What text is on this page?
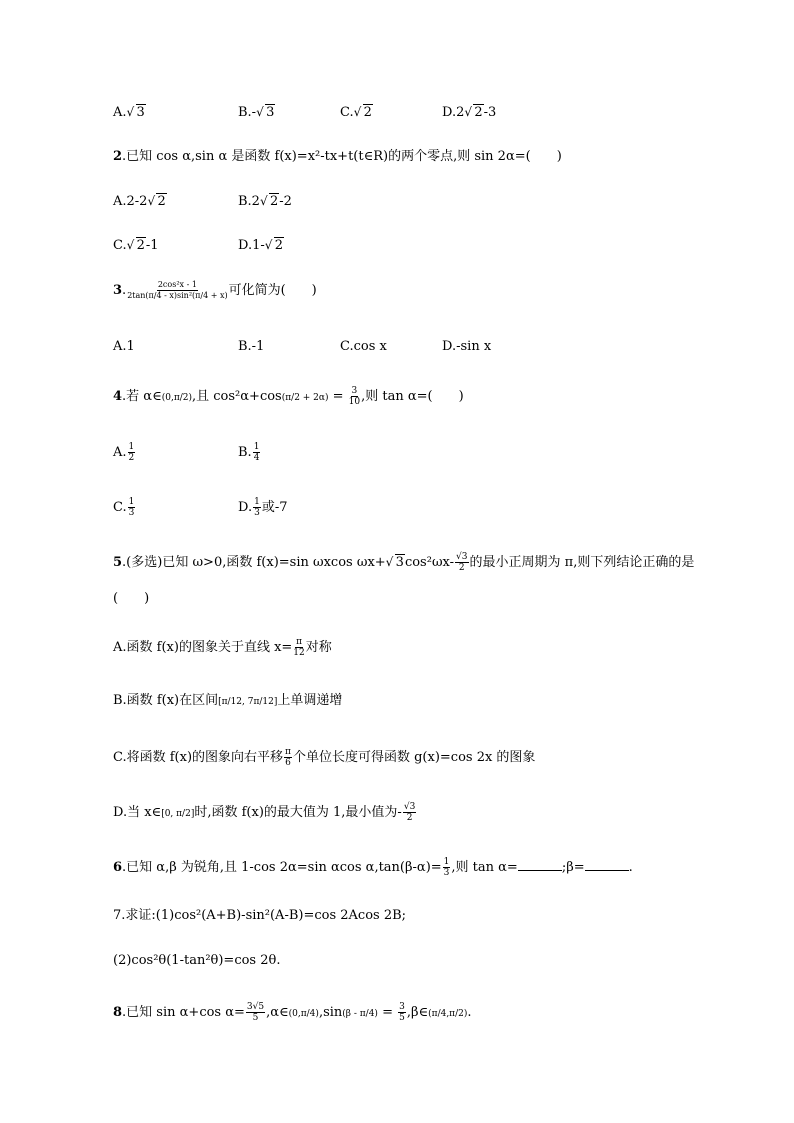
A. √ 3	B.- √ 3	C. √ 2	D.2 √ 2-3
2.已知 cos α,sin α 是函数 f(x)=x²-tx+t(t∈R)的两个零点,则 sin 2α=(　　)
A.2-2 √ 2	B.2 √ 2-2
C. √ 2-1	D.1- √ 2
3. $\frac{\text{2cos²x - 1}}{\text{2tan(π/4 - x)sin²(π/4 + x)}}$ 可化简为(　　)
A.1	B.-1	C.cos x	D.-sin x
4.若 α∈(0,π/2),且 $\cos^2\alpha+\cos(\pi/2 + 2\alpha) = \frac{3}{10}$ ,则 tan α=(　　)
A. $\frac{1}{2}$	B. $\frac{1}{4}$
C. $\frac{1}{3}$	D. $\frac{1}{3}$ 或-7
5.(多选)已知 ω>0,函数 f(x)=sin ωxcos ωx+ √ $3\cos^2\omega x- \frac{√3}{2}$ 的最小正周期为 π,则下列结论正确的是
(　　)
A.函数 f(x)的图象关于直线 $x= \frac{\pi}{12}$ 对称
B.函数 f(x)在区间[π/12, 7π/12]上单调递增
C.将函数 f(x)的图象向右平移 $\frac{\pi}{6}$ 个单位长度可得函数 g(x)=cos 2x 的图象
D.当 x∈[0, π/2]时,函数 f(x)的最大值为 1,最小值为- $\frac{√3}{2}$
6.已知 α,β 为锐角,且 1-cos 2α=sin αcos $\alpha,\tan(\beta-\alpha)= \frac{1}{3}$ ,则 tan α=	;β=	.
7.求证:(1)cos²(A+B)-sin²(A-B)=cos 2Acos 2B;
(2)cos²θ(1-tan²θ)=cos 2θ.
8.已知 sin α+cos $\alpha= \frac{3√5}{5}$ ,α∈(0,π/4),sin(β - $\pi/4) = \frac{3}{5}$ ,β∈(π/4,π/2).
